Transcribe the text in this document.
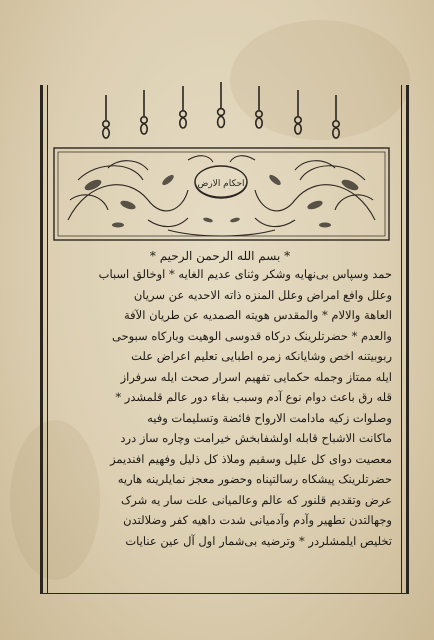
احكام الارض
* بسم الله الرحمن الرحيم *
حمد وسپاس بی‌نهایه وشکر وثنای عدیم الغایه * اوخالق اسباب
وعلل وافع امراض وعلل المنزه ذاته الاحدیه عن سریان
العاهة والالام * والمقدس هویته الصمدیه عن طریان الآفة
والعدم * حضرتلرینک درکاه قدوسی الوهیت وبارکاه سبوحی
ربوبیتنه اخص وشایانکه زمره اطبایی تعلیم اعراض علت
ایله ممتاز وجمله حکمایی تفهیم اسرار صحت ایله سرفراز
قله رق باعث دوام نوع آدم وسبب بقاء دور عالم قلمشدر *
وصلوات زکیه مادامت الارواح فائضة وتسلیمات وفیه
ماکانت الاشباح قابله اولشفابخش خیرامت وچاره ساز درد
معصیت دوای کل علیل وسقیم وملاذ کل ذلیل وفهیم افندیمز
حضرتلرینک پیشکاه رسالتپناه وحضور معجز نمایلرینه هاریه
عرض وتقدیم قلنور که عالم وعالمیانی علت سار یه شرک
وجهالتدن تطهیر وآدم وآدمیانی شدت داهیه کفر وضلالتدن
تخلیص ایلمشلردر * وترضیه بی‌شمار اول آل عین عنایات
